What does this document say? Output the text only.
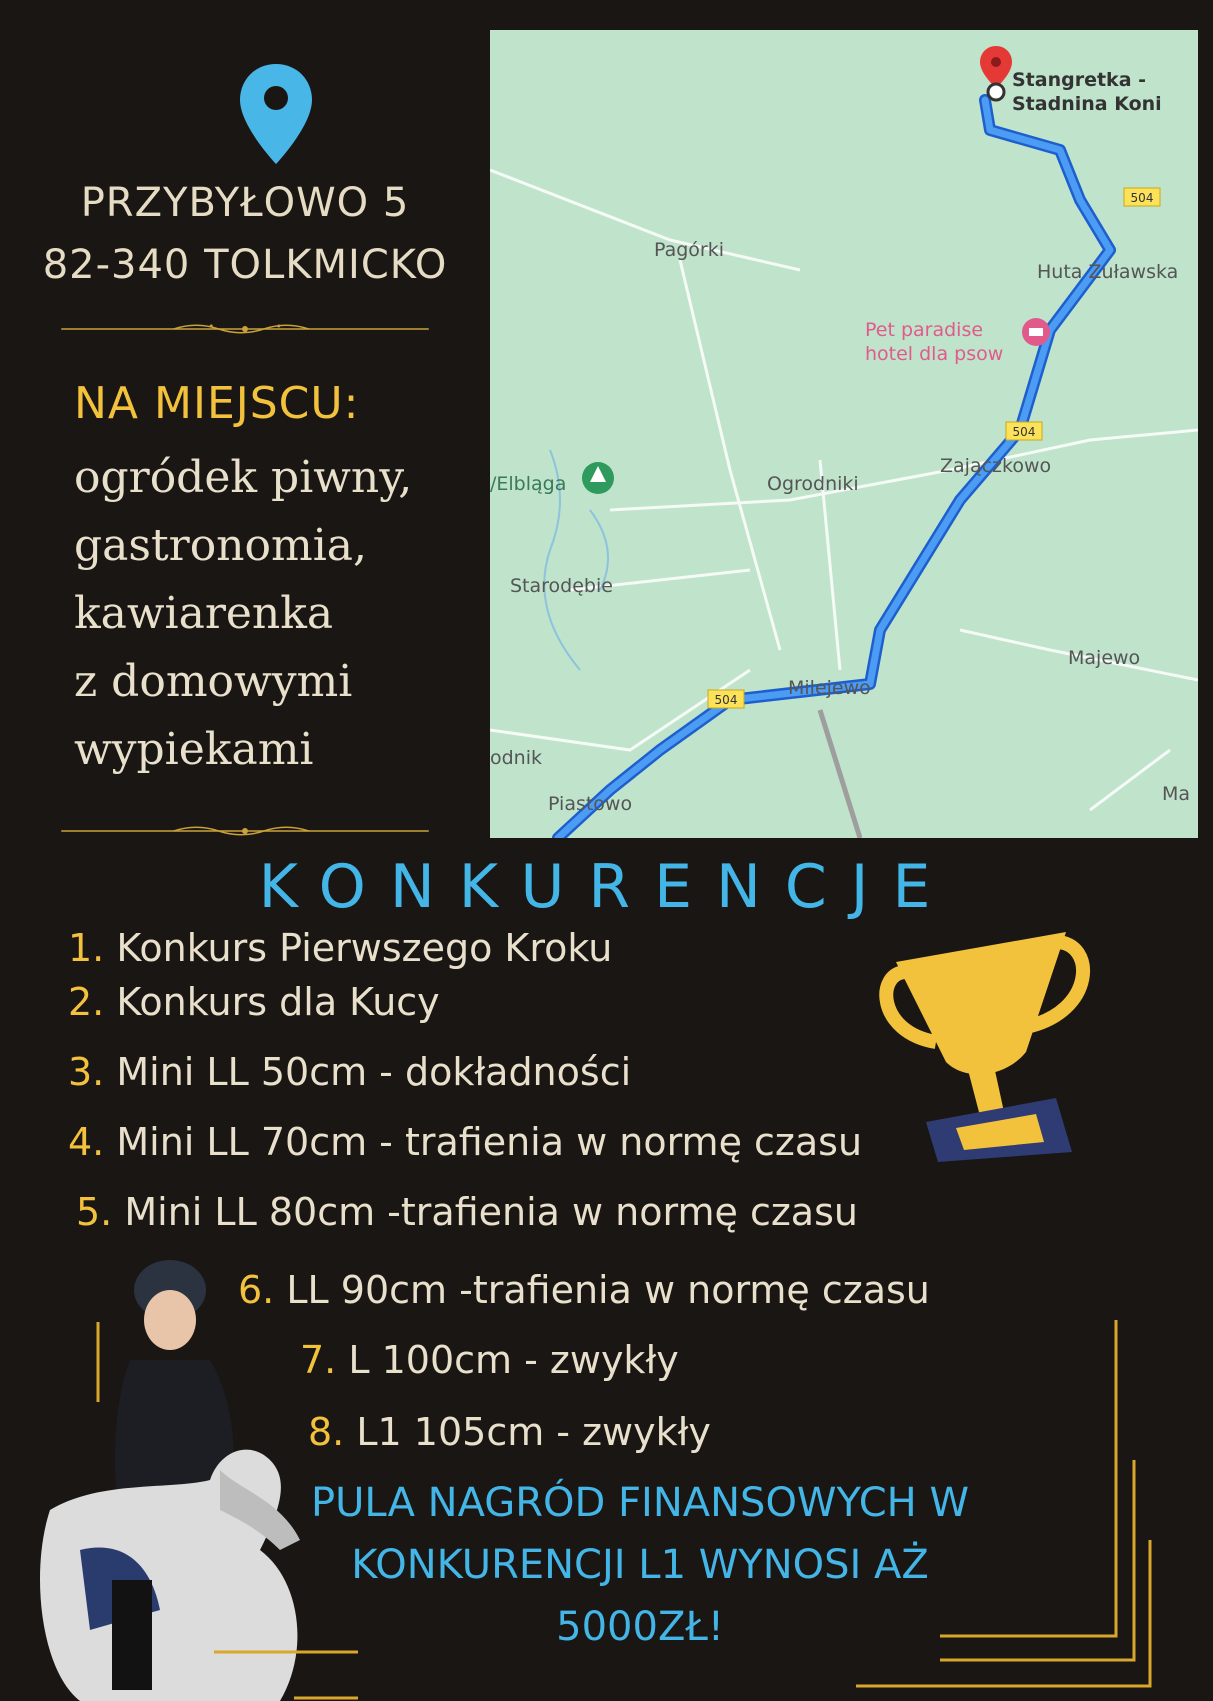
PRZYBYŁOWO 5
82-340 TOLKMICKO
NA MIEJSCU:
ogródek piwny,
gastronomia,
kawiarenka
z domowymi
wypiekami
504
504
504
Stangretka -
Stadnina Koni
Pagórki
Huta Żuławska
Ogrodniki
Zajączkowo
/Elbląga
Starodębie
Majewo
Milejewo
odnik
Piastowo	Ma
Pet paradise
hotel dla psow
KONKURENCJE
1. Konkurs Pierwszego Kroku
2. Konkurs dla Kucy
3. Mini LL 50cm - dokładności
4. Mini LL 70cm - trafienia w normę czasu
5. Mini LL 80cm -trafienia w normę czasu
6. LL 90cm -trafienia w normę czasu
7. L 100cm - zwykły
8. L1 105cm - zwykły
PULA NAGRÓD FINANSOWYCH W
KONKURENCJI L1 WYNOSI AŻ
5000ZŁ!
